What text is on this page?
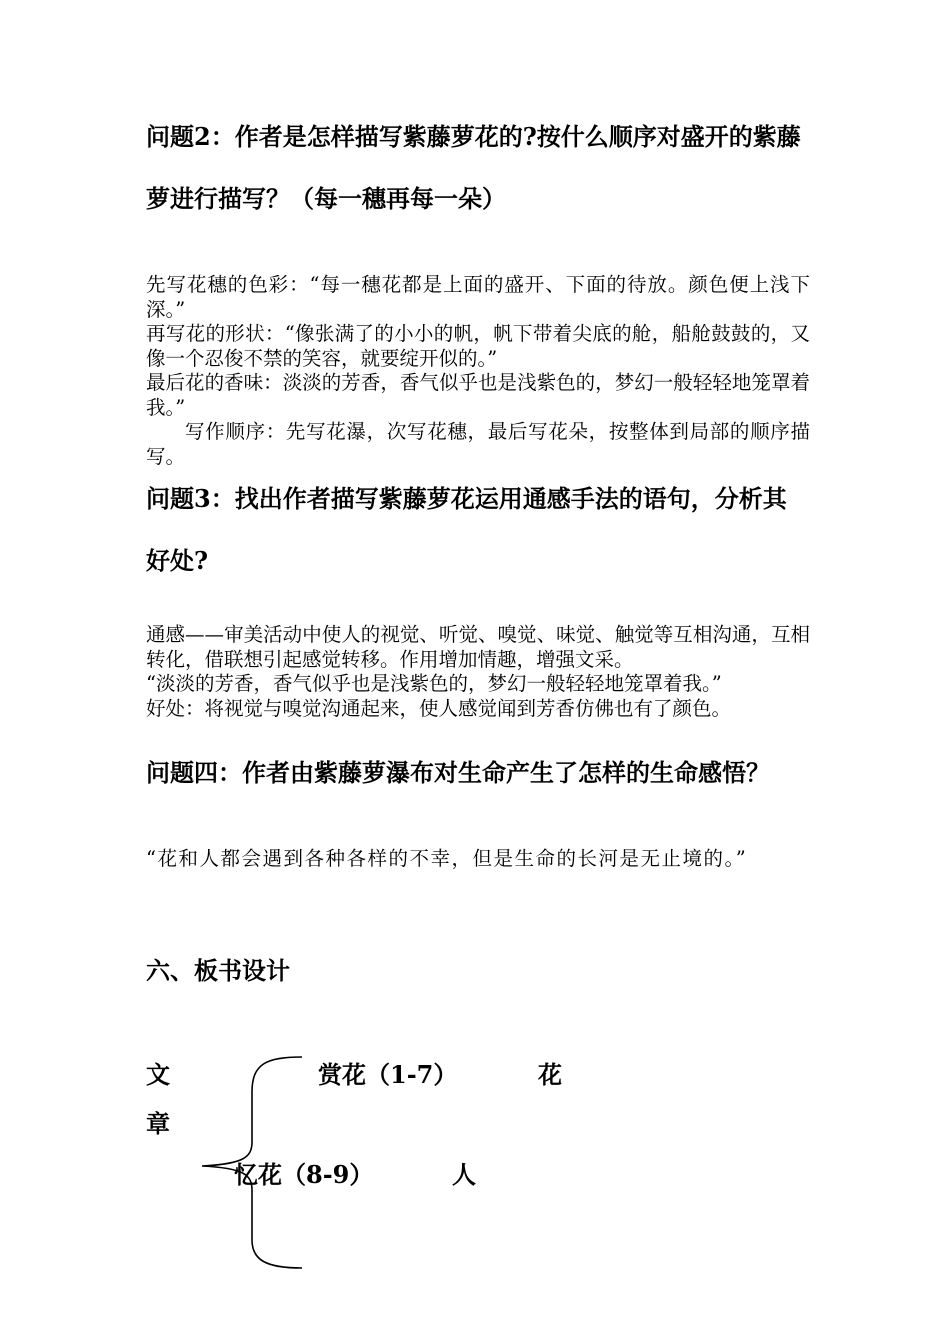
问题2：作者是怎样描写紫藤萝花的?按什么顺序对盛开的紫藤萝进行描写？（每一穗再每一朵）
先写花穗的色彩：“每一穗花都是上面的盛开、下面的待放。颜色便上浅下深。”
再写花的形状：“像张满了的小小的帆，帆下带着尖底的舱，船舱鼓鼓的，又像一个忍俊不禁的笑容，就要绽开似的。”
最后花的香味：淡淡的芳香，香气似乎也是浅紫色的，梦幻一般轻轻地笼罩着我。”
写作顺序：先写花瀑，次写花穗，最后写花朵，按整体到局部的顺序描写。
问题3：找出作者描写紫藤萝花运用通感手法的语句，分析其好处?
通感——审美活动中使人的视觉、听觉、嗅觉、味觉、触觉等互相沟通，互相转化，借联想引起感觉转移。作用增加情趣，增强文采。
“淡淡的芳香，香气似乎也是浅紫色的，梦幻一般轻轻地笼罩着我。”
好处：将视觉与嗅觉沟通起来，使人感觉闻到芳香仿佛也有了颜色。
问题四：作者由紫藤萝瀑布对生命产生了怎样的生命感悟？
“花和人都会遇到各种各样的不幸，但是生命的长河是无止境的。”
六、板书设计

文

章

赏花（1-7）	花

忆花（8-9）	人
